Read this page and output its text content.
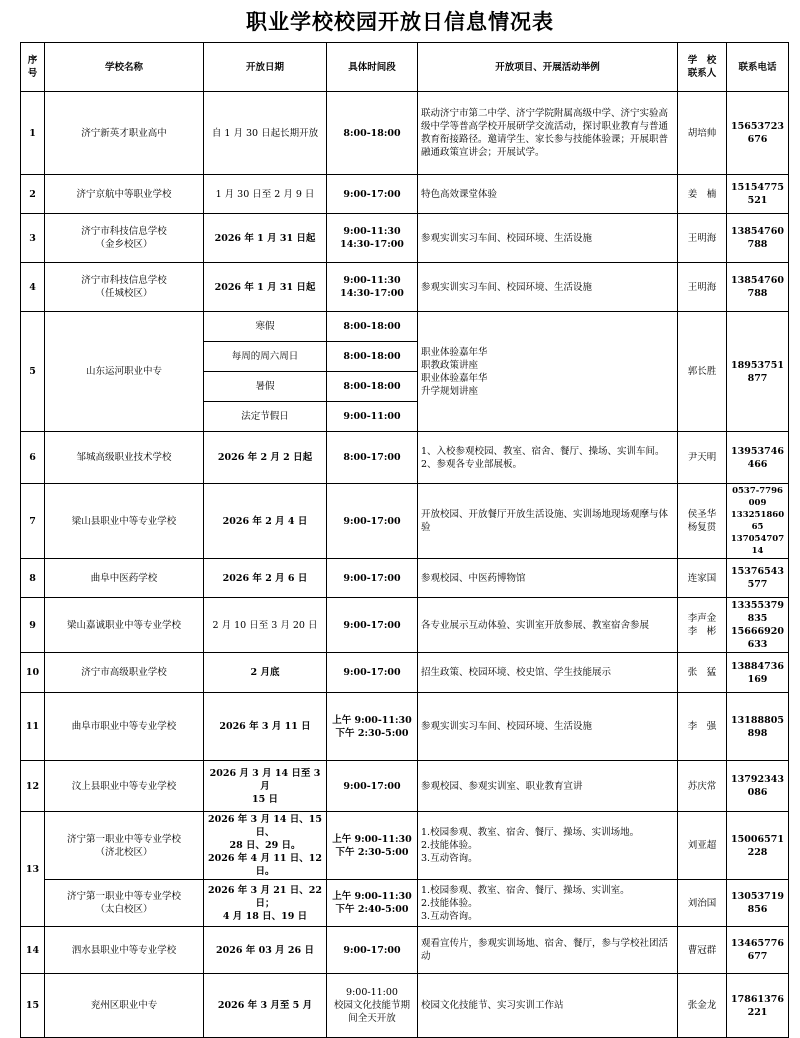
职业学校校园开放日信息情况表
序
号	学校名称	开放日期	具体时间段	开放项目、开展活动举例	学　校
联系人	联系电话
1	济宁新英才职业高中	自 1 月 30 日起长期开放	8:00-18:00	联动济宁市第二中学、济宁学院附属高级中学、济宁实验高级中学等普高学校开展研学交流活动，探讨职业教育与普通教育衔接路径。邀请学生、家长参与技能体验课；开展职普融通政策宣讲会；开展试学。	胡培帅	15653723676
2	济宁京航中等职业学校	1 月 30 日至 2 月 9 日	9:00-17:00	特色高效课堂体验	姜　楠	15154775521
3	济宁市科技信息学校
（金乡校区）	2026 年 1 月 31 日起	9:00-11:30
14:30-17:00	参观实训实习车间、校园环境、生活设施	王明海	13854760788
4	济宁市科技信息学校
（任城校区）	2026 年 1 月 31 日起	9:00-11:30
14:30-17:00	参观实训实习车间、校园环境、生活设施	王明海	13854760788
5	山东运河职业中专	寒假	8:00-18:00	职业体验嘉年华
职教政策讲座
职业体验嘉年华
升学规划讲座	郭长胜	18953751877
		每周的周六周日	8:00-18:00			
		暑假	8:00-18:00			
		法定节假日	9:00-11:00			
6	邹城高级职业技术学校	2026 年 2 月 2 日起	8:00-17:00	1、入校参观校园、教室、宿舍、餐厅、操场、实训车间。
2、参观各专业部展板。	尹天明	13953746466
7	梁山县职业中等专业学校	2026 年 2 月 4 日	9:00-17:00	开放校园、开放餐厅开放生活设施、实训场地现场观摩与体验	侯圣华
杨复贯	0537-7796009
13325186065
13705470714
8	曲阜中医药学校	2026 年 2 月 6 日	9:00-17:00	参观校园、中医药博物馆	连家国	15376543577
9	梁山嘉诚职业中等专业学校	2 月 10 日至 3 月 20 日	9:00-17:00	各专业展示互动体验、实训室开放参展、教室宿舍参展	李声金
李　彬	13355379835
15666920633
10	济宁市高级职业学校	2 月底	9:00-17:00	招生政策、校园环境、校史馆、学生技能展示	张　猛	13884736169
11	曲阜市职业中等专业学校	2026 年 3 月 11 日	上午 9:00-11:30
下午 2:30-5:00	参观实训实习车间、校园环境、生活设施	李　强	13188805898
12	汶上县职业中等专业学校	2026 月 3 月 14 日至 3 月
15 日	9:00-17:00	参观校园、参观实训室、职业教育宣讲	苏庆常	13792343086
13	济宁第一职业中等专业学校
（济北校区）	2026 年 3 月 14 日、15 日、
28 日、29 日。
2026 年 4 月 11 日、12 日。	上午 9:00-11:30
下午 2:30-5:00	1.校园参观、教室、宿舍、餐厅、操场、实训场地。
2.技能体验。
3.互动咨询。	刘亚超	15006571228
	济宁第一职业中等专业学校
（太白校区）	2026 年 3 月 21 日、22 日；
4 月 18 日、19 日	上午 9:00-11:30
下午 2:40-5:00	1.校园参观、教室、宿舍、餐厅、操场、实训室。
2.技能体验。
3.互动咨询。	刘治国	13053719856
14	泗水县职业中等专业学校	2026 年 03 月 26 日	9:00-17:00	观看宣传片，参观实训场地、宿舍、餐厅，参与学校社团活动	曹冠群	13465776677
15	兖州区职业中专	2026 年 3 月至 5 月	9:00-11:00
校园文化技能节期间全天开放	校园文化技能节、实习实训工作站	张金龙	17861376221
